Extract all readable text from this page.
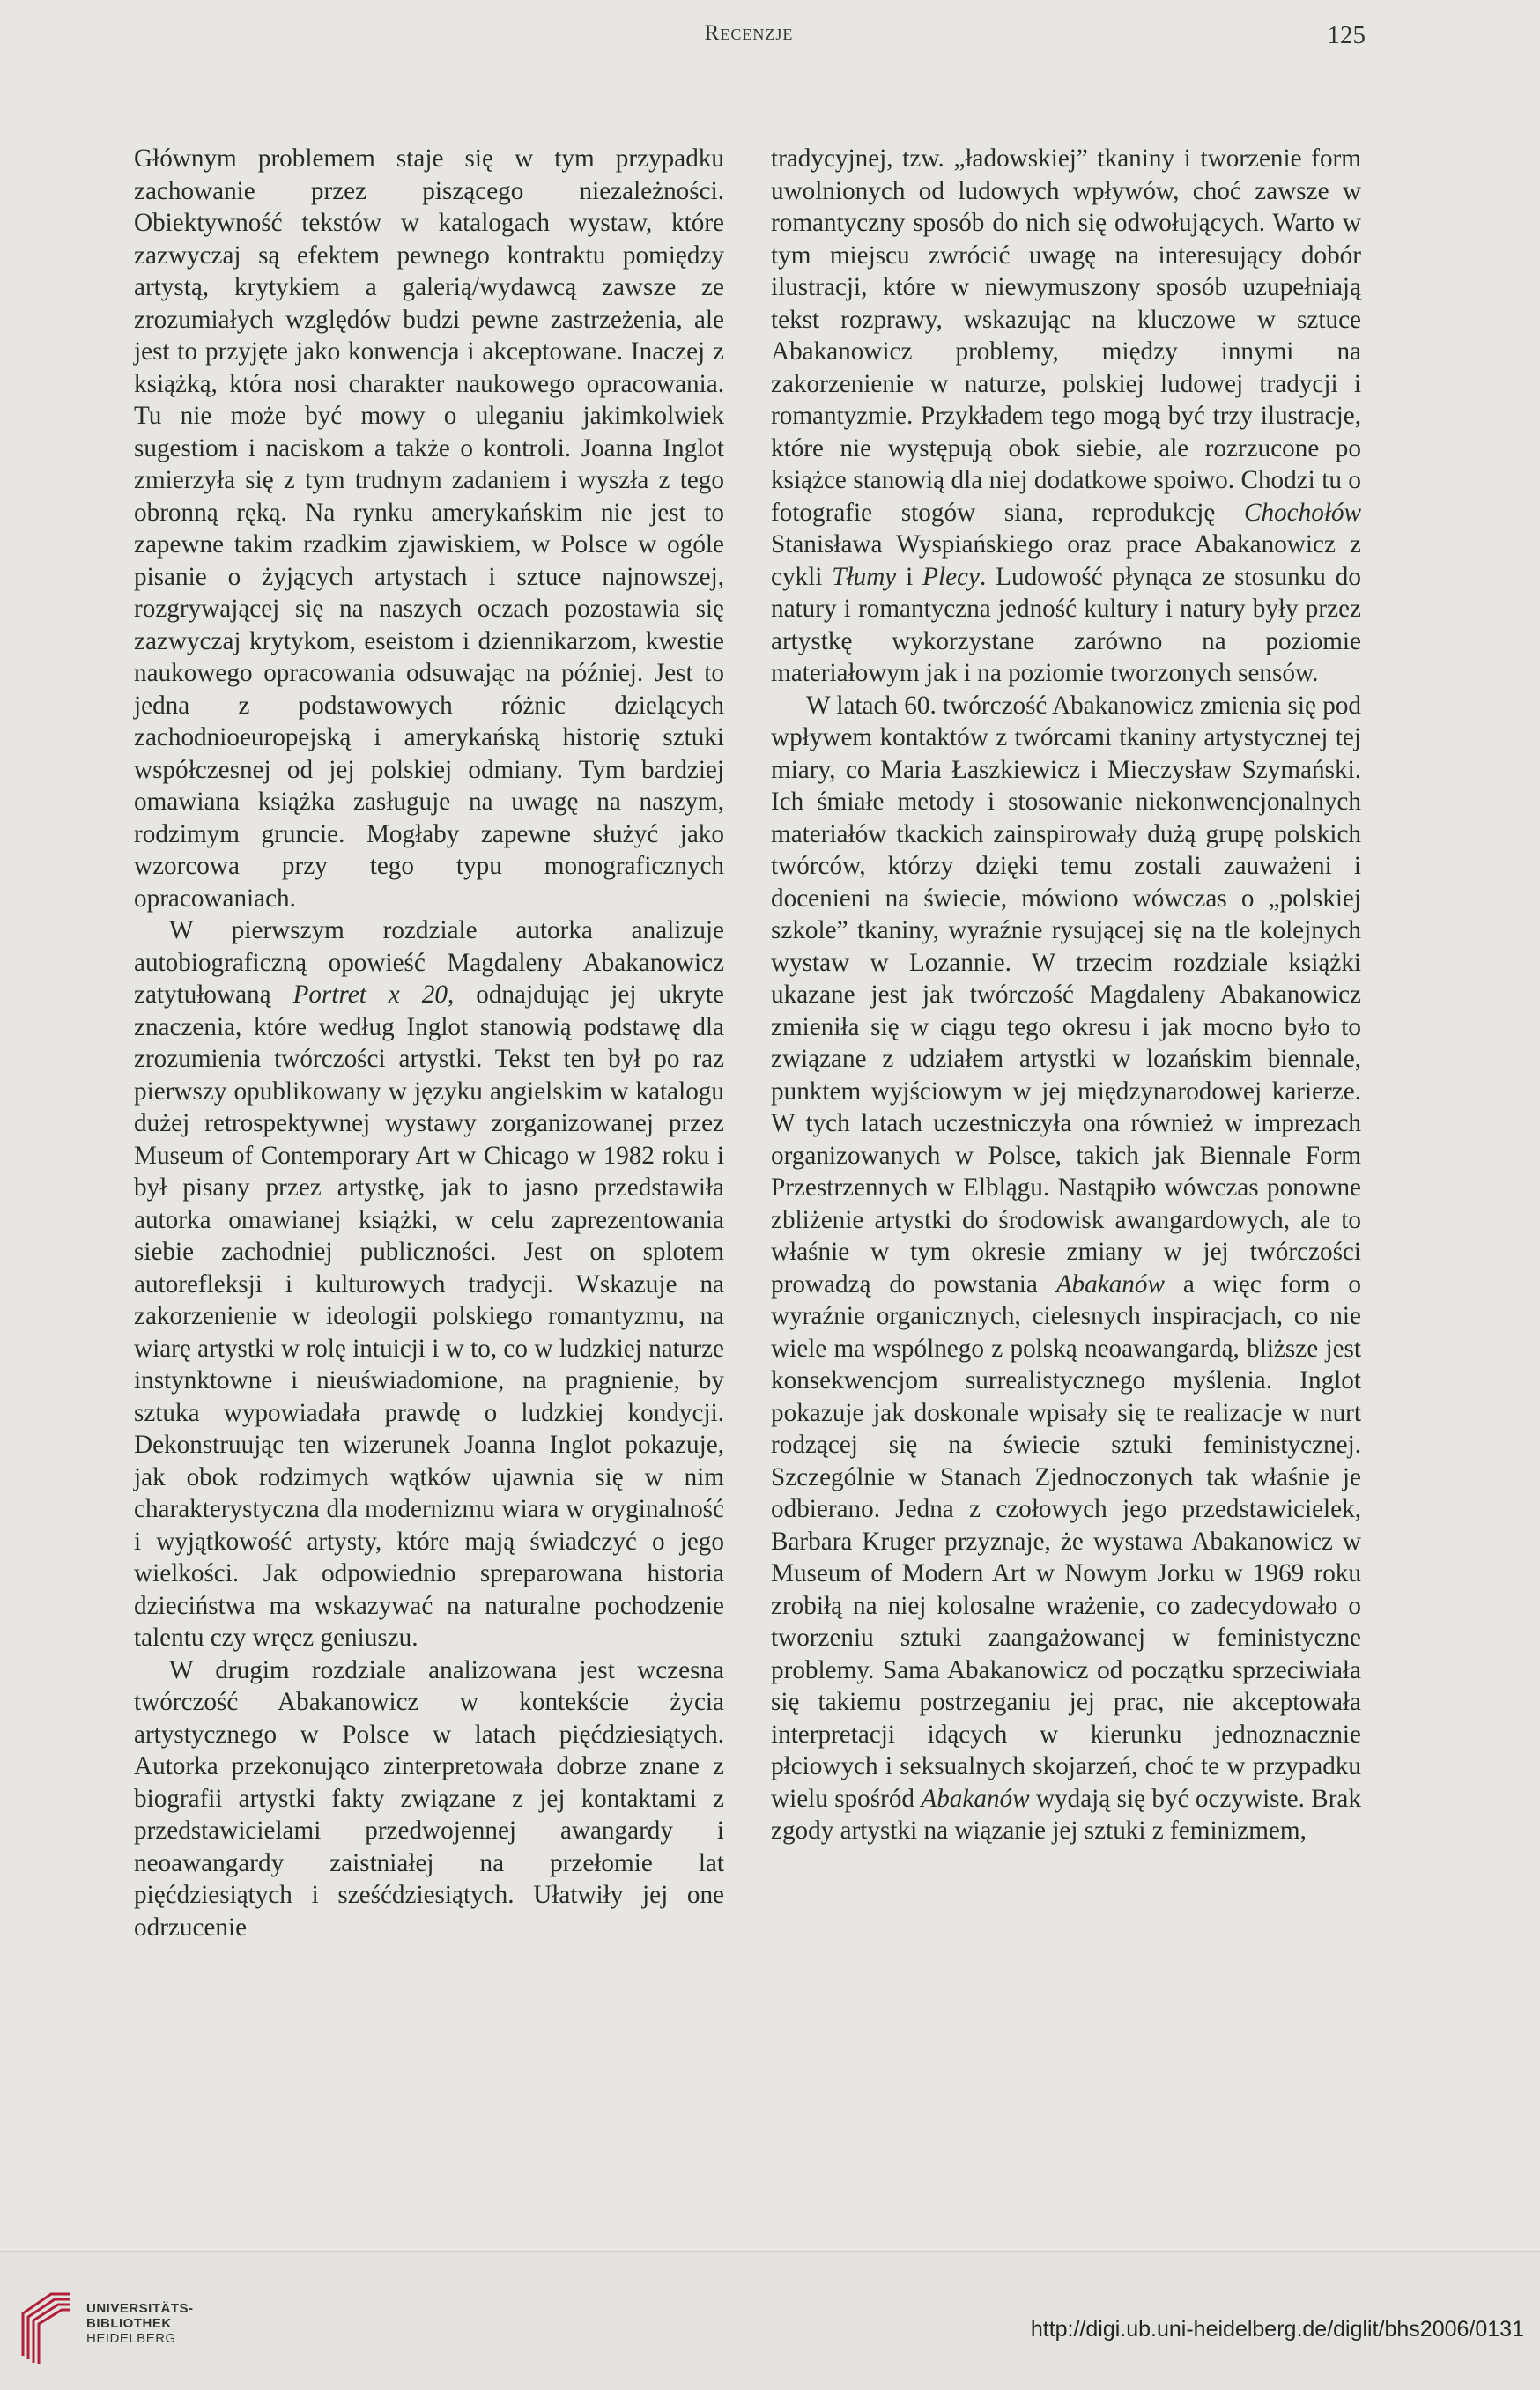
Recenzje	125

Głównym problemem staje się w tym przypadku zachowanie przez piszącego niezależności. Obiektywność tekstów w katalogach wystaw, które zazwyczaj są efektem pewnego kontraktu pomiędzy artystą, krytykiem a galerią/wydawcą zawsze ze zrozumiałych względów budzi pewne zastrzeżenia, ale jest to przyjęte jako konwencja i akceptowane. Inaczej z książką, która nosi charakter naukowego opracowania. Tu nie może być mowy o uleganiu jakimkolwiek sugestiom i naciskom a także o kontroli. Joanna Inglot zmierzyła się z tym trudnym zadaniem i wyszła z tego obronną ręką. Na rynku amerykańskim nie jest to zapewne takim rzadkim zjawiskiem, w Polsce w ogóle pisanie o żyjących artystach i sztuce najnowszej, rozgrywającej się na naszych oczach pozostawia się zazwyczaj krytykom, eseistom i dziennikarzom, kwestie naukowego opracowania odsuwając na później. Jest to jedna z podstawowych różnic dzielących zachodnioeuropejską i amerykańską historię sztuki współczesnej od jej polskiej odmiany. Tym bardziej omawiana książka zasługuje na uwagę na naszym, rodzimym gruncie. Mogłaby zapewne służyć jako wzorcowa przy tego typu monograficznych opracowaniach.

W pierwszym rozdziale autorka analizuje autobiograficzną opowieść Magdaleny Abakanowicz zatytułowaną Portret x 20, odnajdując jej ukryte znaczenia, które według Inglot stanowią podstawę dla zrozumienia twórczości artystki. Tekst ten był po raz pierwszy opublikowany w języku angielskim w katalogu dużej retrospektywnej wystawy zorganizowanej przez Museum of Contemporary Art w Chicago w 1982 roku i był pisany przez artystkę, jak to jasno przedstawiła autorka omawianej książki, w celu zaprezentowania siebie zachodniej publiczności. Jest on splotem autorefleksji i kulturowych tradycji. Wskazuje na zakorzenienie w ideologii polskiego romantyzmu, na wiarę artystki w rolę intuicji i w to, co w ludzkiej naturze instynktowne i nieuświadomione, na pragnienie, by sztuka wypowiadała prawdę o ludzkiej kondycji. Dekonstruując ten wizerunek Joanna Inglot pokazuje, jak obok rodzimych wątków ujawnia się w nim charakterystyczna dla modernizmu wiara w oryginalność i wyjątkowość artysty, które mają świadczyć o jego wielkości. Jak odpowiednio spreparowana historia dzieciństwa ma wskazywać na naturalne pochodzenie talentu czy wręcz geniuszu.

W drugim rozdziale analizowana jest wczesna twórczość Abakanowicz w kontekście życia artystycznego w Polsce w latach pięćdziesiątych. Autorka przekonująco zinterpretowała dobrze znane z biografii artystki fakty związane z jej kontaktami z przedstawicielami przedwojennej awangardy i neoawangardy zaistniałej na przełomie lat pięćdziesiątych i sześćdziesiątych. Ułatwiły jej one odrzucenie

tradycyjnej, tzw. „ładowskiej” tkaniny i tworzenie form uwolnionych od ludowych wpływów, choć zawsze w romantyczny sposób do nich się odwołujących. Warto w tym miejscu zwrócić uwagę na interesujący dobór ilustracji, które w niewymuszony sposób uzupełniają tekst rozprawy, wskazując na kluczowe w sztuce Abakanowicz problemy, między innymi na zakorzenienie w naturze, polskiej ludowej tradycji i romantyzmie. Przykładem tego mogą być trzy ilustracje, które nie występują obok siebie, ale rozrzucone po książce stanowią dla niej dodatkowe spoiwo. Chodzi tu o fotografie stogów siana, reprodukcję Chochołów Stanisława Wyspiańskiego oraz prace Abakanowicz z cykli Tłumy i Plecy. Ludowość płynąca ze stosunku do natury i romantyczna jedność kultury i natury były przez artystkę wykorzystane zarówno na poziomie materiałowym jak i na poziomie tworzonych sensów.

W latach 60. twórczość Abakanowicz zmienia się pod wpływem kontaktów z twórcami tkaniny artystycznej tej miary, co Maria Łaszkiewicz i Mieczysław Szymański. Ich śmiałe metody i stosowanie niekonwencjonalnych materiałów tkackich zainspirowały dużą grupę polskich twórców, którzy dzięki temu zostali zauważeni i docenieni na świecie, mówiono wówczas o „polskiej szkole” tkaniny, wyraźnie rysującej się na tle kolejnych wystaw w Lozannie. W trzecim rozdziale książki ukazane jest jak twórczość Magdaleny Abakanowicz zmieniła się w ciągu tego okresu i jak mocno było to związane z udziałem artystki w lozańskim biennale, punktem wyjściowym w jej międzynarodowej karierze. W tych latach uczestniczyła ona również w imprezach organizowanych w Polsce, takich jak Biennale Form Przestrzennych w Elblągu. Nastąpiło wówczas ponowne zbliżenie artystki do środowisk awangardowych, ale to właśnie w tym okresie zmiany w jej twórczości prowadzą do powstania Abakanów a więc form o wyraźnie organicznych, cielesnych inspiracjach, co nie wiele ma wspólnego z polską neoawangardą, bliższe jest konsekwencjom surrealistycznego myślenia. Inglot pokazuje jak doskonale wpisały się te realizacje w nurt rodzącej się na świecie sztuki feministycznej. Szczególnie w Stanach Zjednoczonych tak właśnie je odbierano. Jedna z czołowych jego przedstawicielek, Barbara Kruger przyznaje, że wystawa Abakanowicz w Museum of Modern Art w Nowym Jorku w 1969 roku zrobiłą na niej kolosalne wrażenie, co zadecydowało o tworzeniu sztuki zaangażowanej w feministyczne problemy. Sama Abakanowicz od początku sprzeciwiała się takiemu postrzeganiu jej prac, nie akceptowała interpretacji idących w kierunku jednoznacznie płciowych i seksualnych skojarzeń, choć te w przypadku wielu spośród Abakanów wydają się być oczywiste. Brak zgody artystki na wiązanie jej sztuki z feminizmem,

UNIVERSITÄTS-
BIBLIOTHEK
HEIDELBERG	http://digi.ub.uni-heidelberg.de/diglit/bhs2006/0131
